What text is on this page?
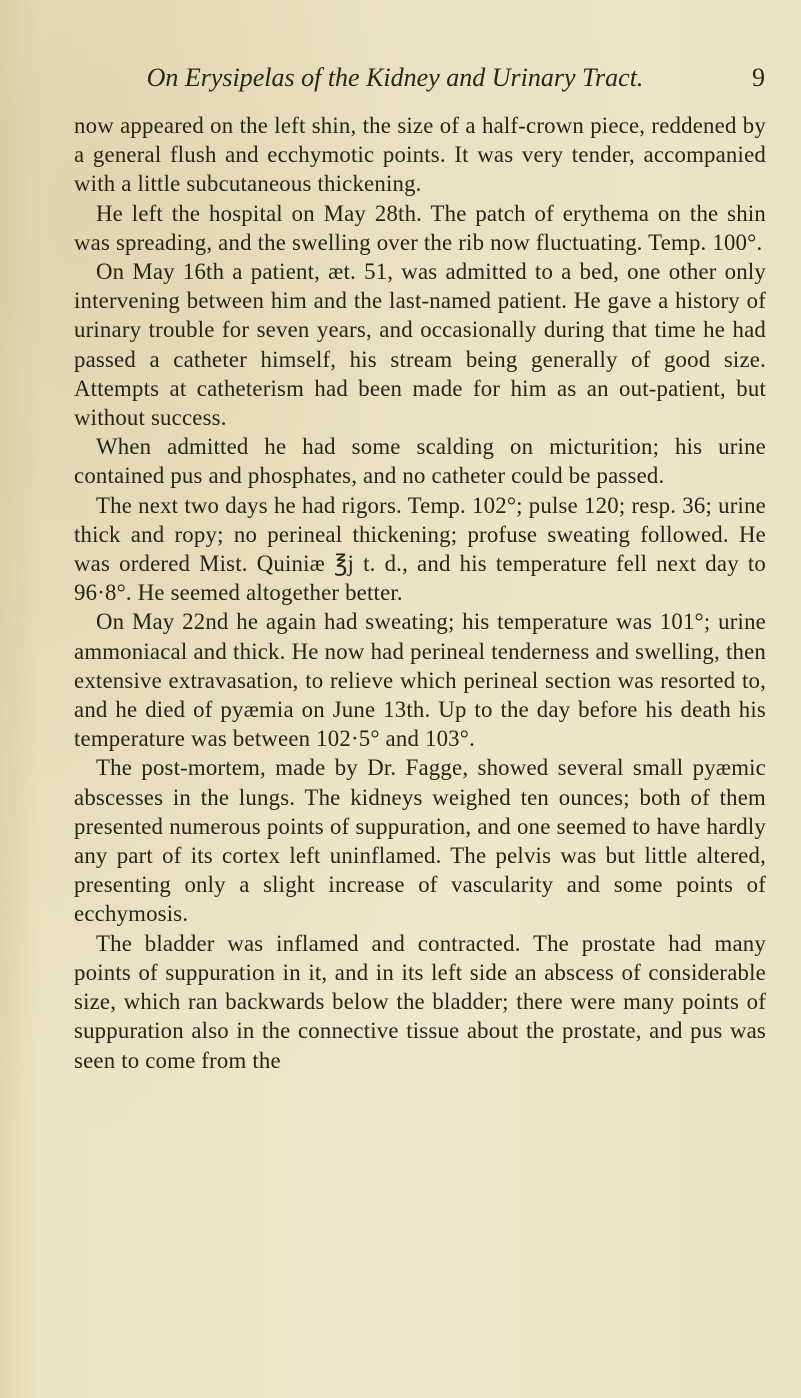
On Erysipelas of the Kidney and Urinary Tract.	9

now appeared on the left shin, the size of a half-crown piece, reddened by a general flush and ecchymotic points. It was very tender, accompanied with a little subcutaneous thickening.

He left the hospital on May 28th. The patch of erythema on the shin was spreading, and the swelling over the rib now fluctuating. Temp. 100°.

On May 16th a patient, æt. 51, was admitted to a bed, one other only intervening between him and the last-named patient. He gave a history of urinary trouble for seven years, and occasionally during that time he had passed a catheter himself, his stream being generally of good size. Attempts at catheterism had been made for him as an out-patient, but without success.

When admitted he had some scalding on micturition; his urine contained pus and phosphates, and no catheter could be passed.

The next two days he had rigors. Temp. 102°; pulse 120; resp. 36; urine thick and ropy; no perineal thickening; profuse sweating followed. He was ordered Mist. Quiniæ ℥j t. d., and his temperature fell next day to 96·8°. He seemed altogether better.

On May 22nd he again had sweating; his temperature was 101°; urine ammoniacal and thick. He now had perineal tenderness and swelling, then extensive extravasation, to relieve which perineal section was resorted to, and he died of pyæmia on June 13th. Up to the day before his death his temperature was between 102·5° and 103°.

The post-mortem, made by Dr. Fagge, showed several small pyæmic abscesses in the lungs. The kidneys weighed ten ounces; both of them presented numerous points of suppuration, and one seemed to have hardly any part of its cortex left uninflamed. The pelvis was but little altered, presenting only a slight increase of vascularity and some points of ecchymosis.

The bladder was inflamed and contracted. The prostate had many points of suppuration in it, and in its left side an abscess of considerable size, which ran backwards below the bladder; there were many points of suppuration also in the connective tissue about the prostate, and pus was seen to come from the
